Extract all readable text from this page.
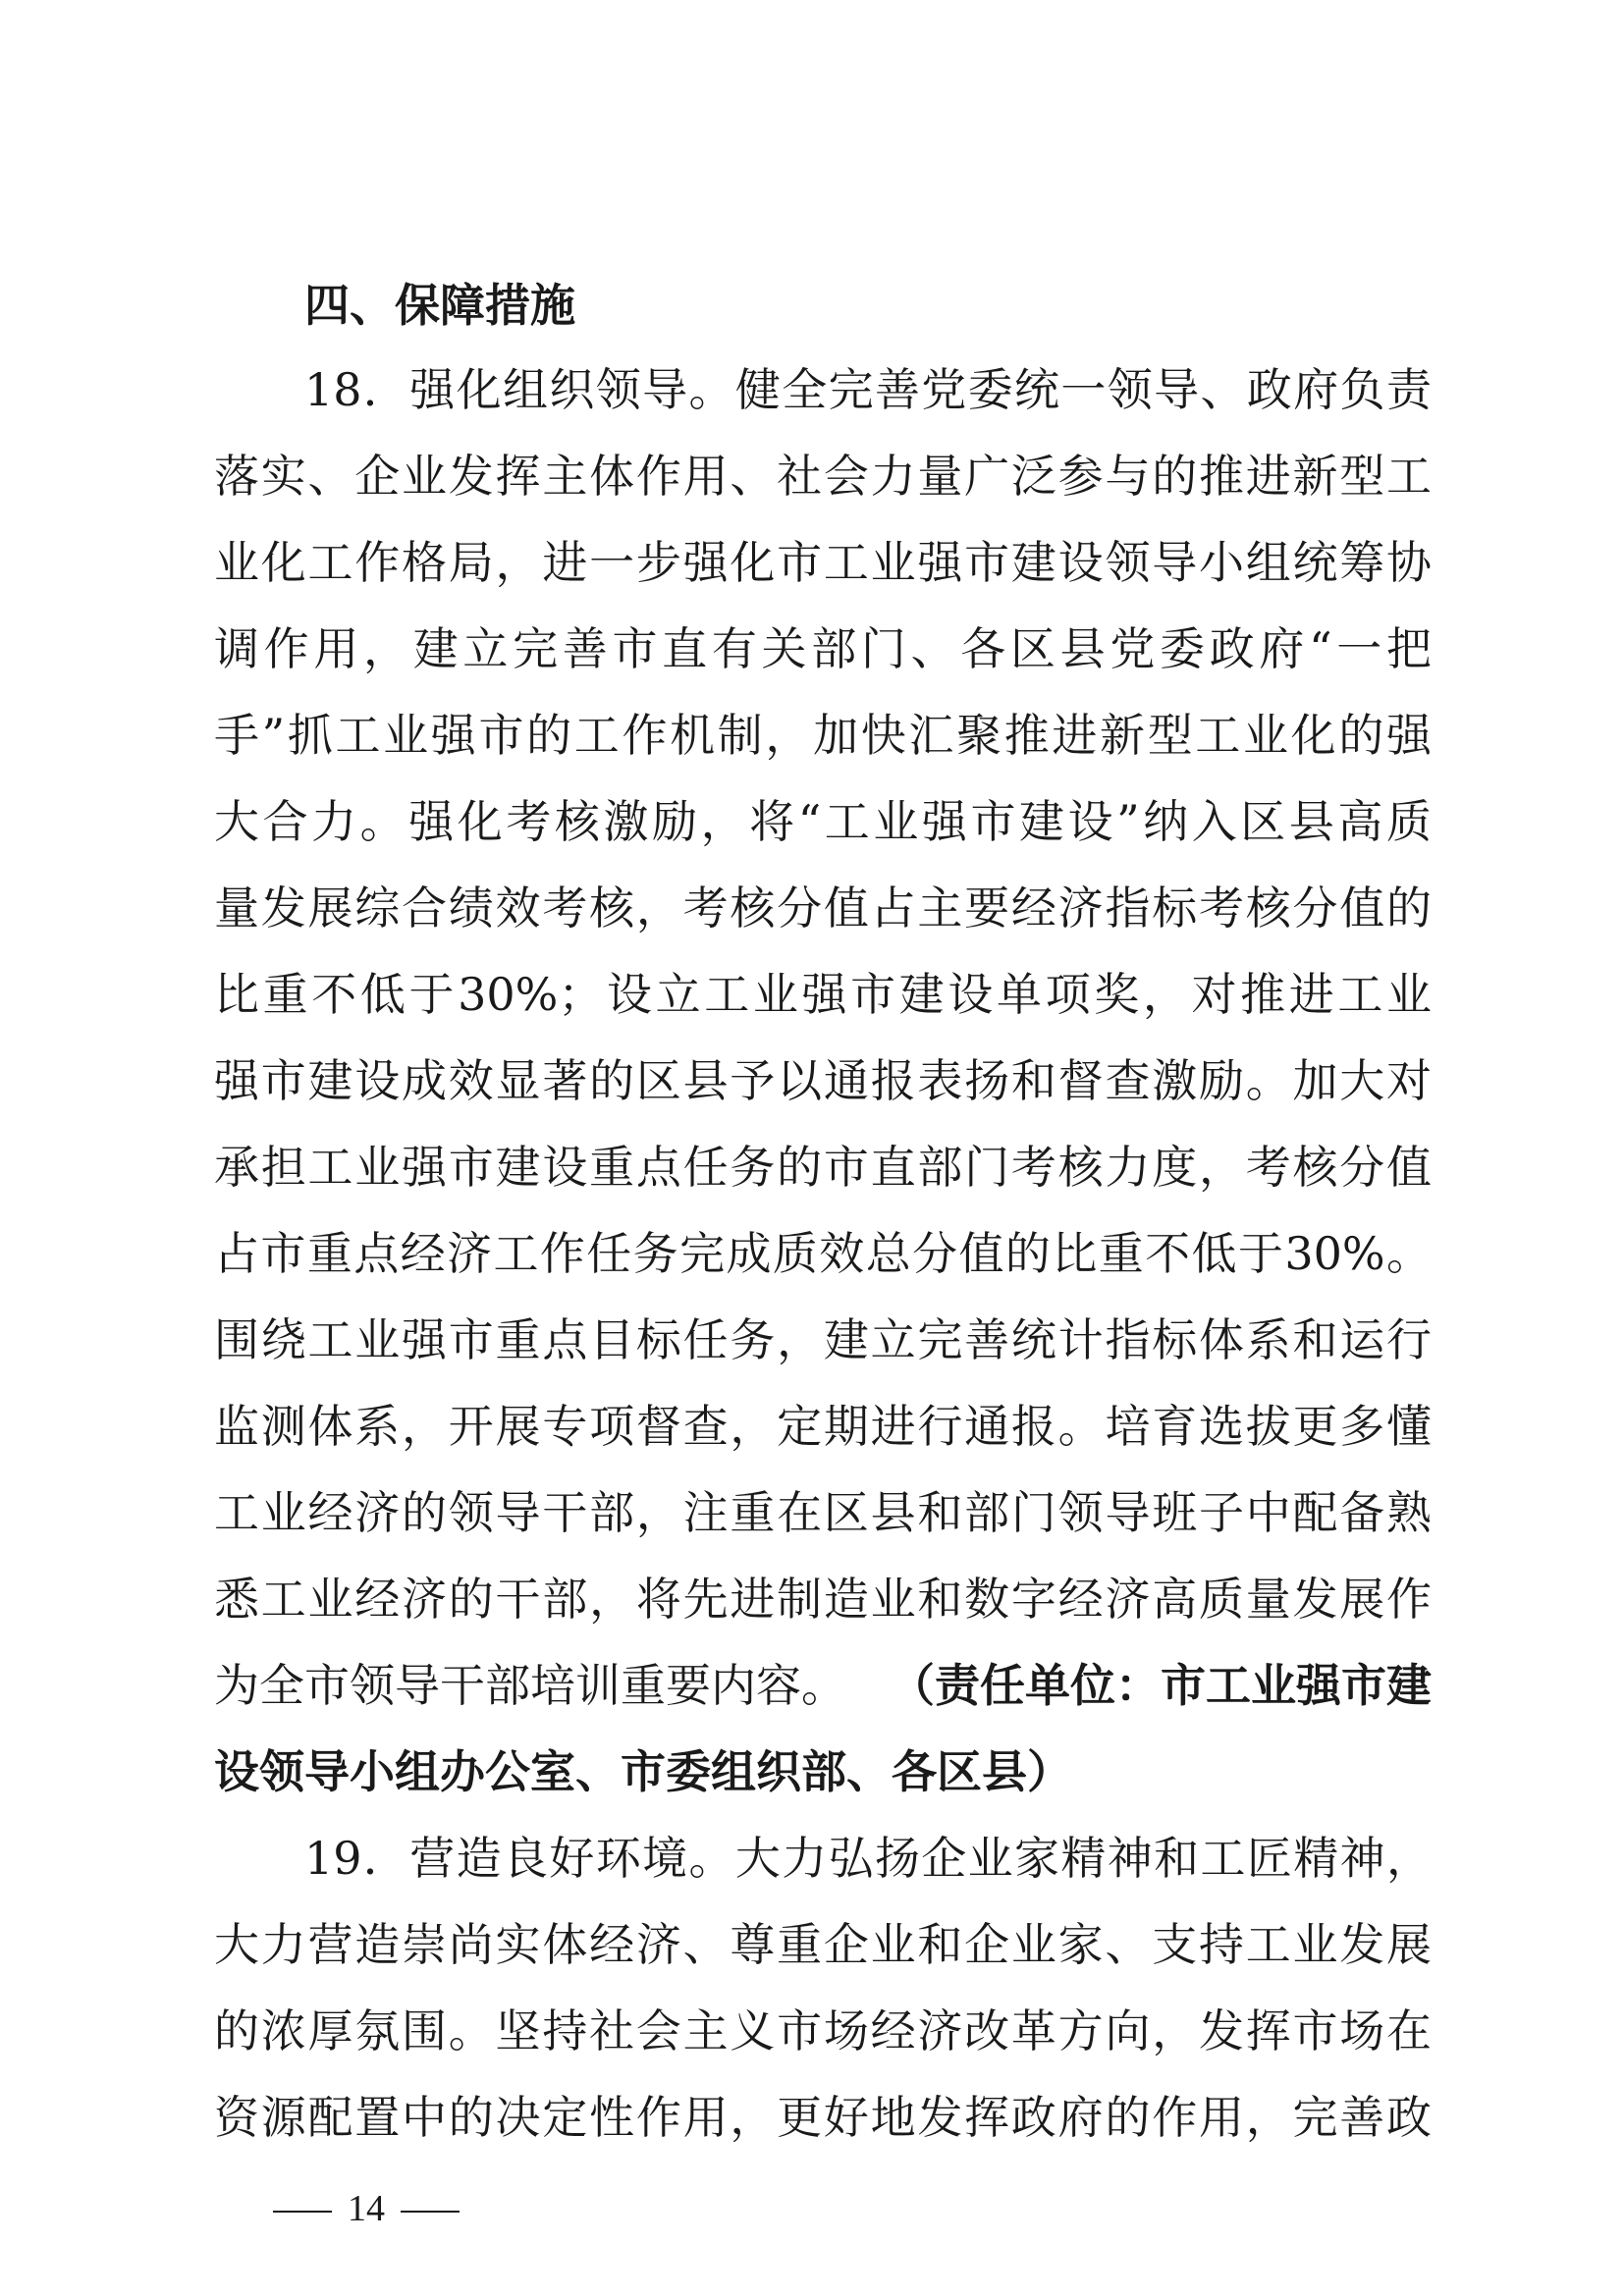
四、保障措施
18．强化组织领导。健全完善党委统一领导、政府负责
落实、企业发挥主体作用、社会力量广泛参与的推进新型工
业化工作格局，进一步强化市工业强市建设领导小组统筹协
调作用，建立完善市直有关部门、各区县党委政府“一把
手”抓工业强市的工作机制，加快汇聚推进新型工业化的强
大合力。强化考核激励，将“工业强市建设”纳入区县高质
量发展综合绩效考核，考核分值占主要经济指标考核分值的
比重不低于30%；设立工业强市建设单项奖，对推进工业
强市建设成效显著的区县予以通报表扬和督查激励。加大对
承担工业强市建设重点任务的市直部门考核力度，考核分值
占市重点经济工作任务完成质效总分值的比重不低于30%。
围绕工业强市重点目标任务，建立完善统计指标体系和运行
监测体系，开展专项督查，定期进行通报。培育选拔更多懂
工业经济的领导干部，注重在区县和部门领导班子中配备熟
悉工业经济的干部，将先进制造业和数字经济高质量发展作
为全市领导干部培训重要内容。 （责任单位：市工业强市建
设领导小组办公室、市委组织部、各区县）
19．营造良好环境。大力弘扬企业家精神和工匠精神，
大力营造崇尚实体经济、尊重企业和企业家、支持工业发展
的浓厚氛围。坚持社会主义市场经济改革方向，发挥市场在
14
资源配置中的决定性作用，更好地发挥政府的作用，完善政
